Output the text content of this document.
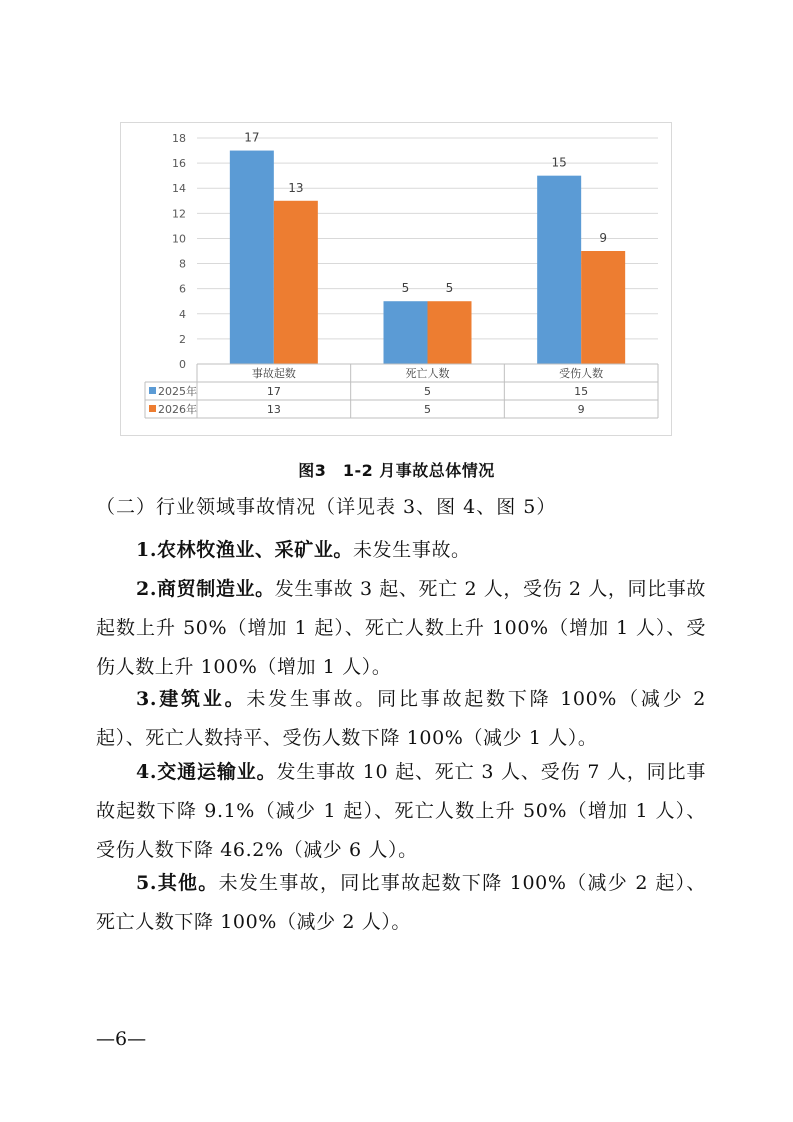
0
2
4
6
8
10
12
14
16
18	17
5
15
13
5
9
事故起数	死亡人数	受伤人数
2025年	17	5	15
2026年	13	5	9
图3　1-2 月事故总体情况
（二）行业领域事故情况（详见表 3、图 4、图 5）
1.农林牧渔业、采矿业。未发生事故。
2.商贸制造业。发生事故 3 起、死亡 2 人，受伤 2 人，同比事故起数上升 50%（增加 1 起）、死亡人数上升 100%（增加 1 人）、受伤人数上升 100%（增加 1 人）。
3.建筑业。未发生事故。同比事故起数下降 100%（减少 2 起）、死亡人数持平、受伤人数下降 100%（减少 1 人）。
4.交通运输业。发生事故 10 起、死亡 3 人、受伤 7 人，同比事故起数下降 9.1%（减少 1 起）、死亡人数上升 50%（增加 1 人）、受伤人数下降 46.2%（减少 6 人）。
5.其他。未发生事故，同比事故起数下降 100%（减少 2 起）、死亡人数下降 100%（减少 2 人）。
—6—
